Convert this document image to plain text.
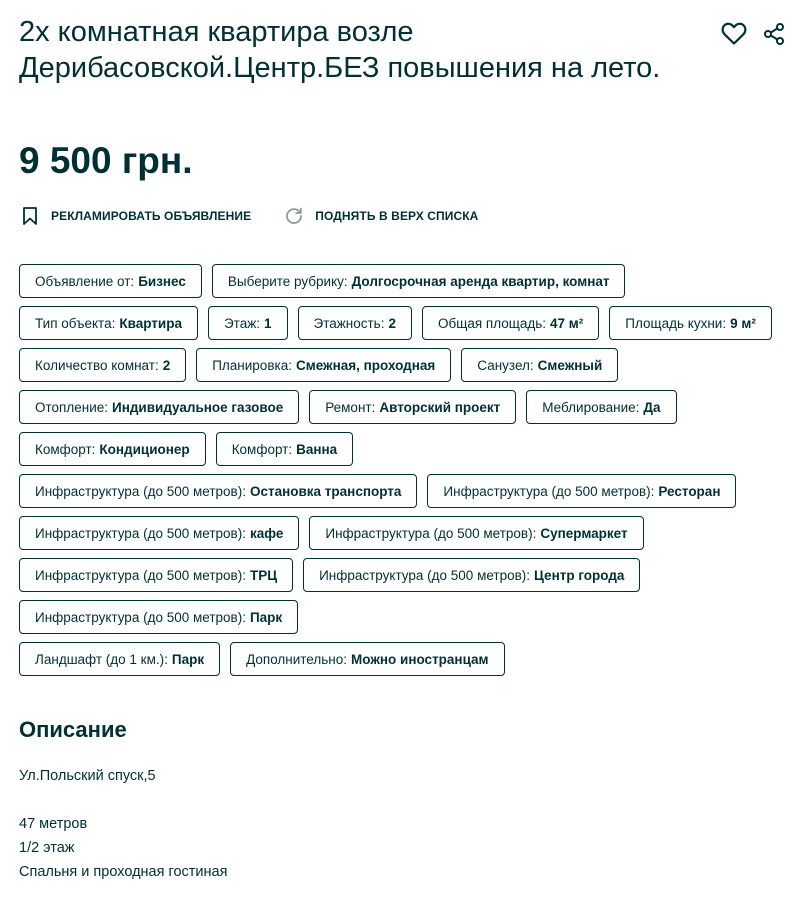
2х комнатная квартира возле Дерибасовской.Центр.БЕЗ повышения на лето.
9 500 грн.
РЕКЛАМИРОВАТЬ ОБЪЯВЛЕНИЕ	ПОДНЯТЬ В ВЕРХ СПИСКА
Объявление от: Бизнес	Выберите рубрику: Долгосрочная аренда квартир, комнат
Тип объекта: Квартира	Этаж: 1	Этажность: 2	Общая площадь: 47 м²	Площадь кухни: 9 м²
Количество комнат: 2	Планировка: Смежная, проходная	Санузел: Смежный
Отопление: Индивидуальное газовое	Ремонт: Авторский проект	Меблирование: Да
Комфорт: Кондиционер	Комфорт: Ванна
Инфраструктура (до 500 метров): Остановка транспорта	Инфраструктура (до 500 метров): Ресторан
Инфраструктура (до 500 метров): кафе	Инфраструктура (до 500 метров): Супермаркет
Инфраструктура (до 500 метров): ТРЦ	Инфраструктура (до 500 метров): Центр города
Инфраструктура (до 500 метров): Парк
Ландшафт (до 1 км.): Парк	Дополнительно: Можно иностранцам
Описание
Ул.Польский спуск,5
47 метров
1/2 этаж
Спальня и проходная гостиная
